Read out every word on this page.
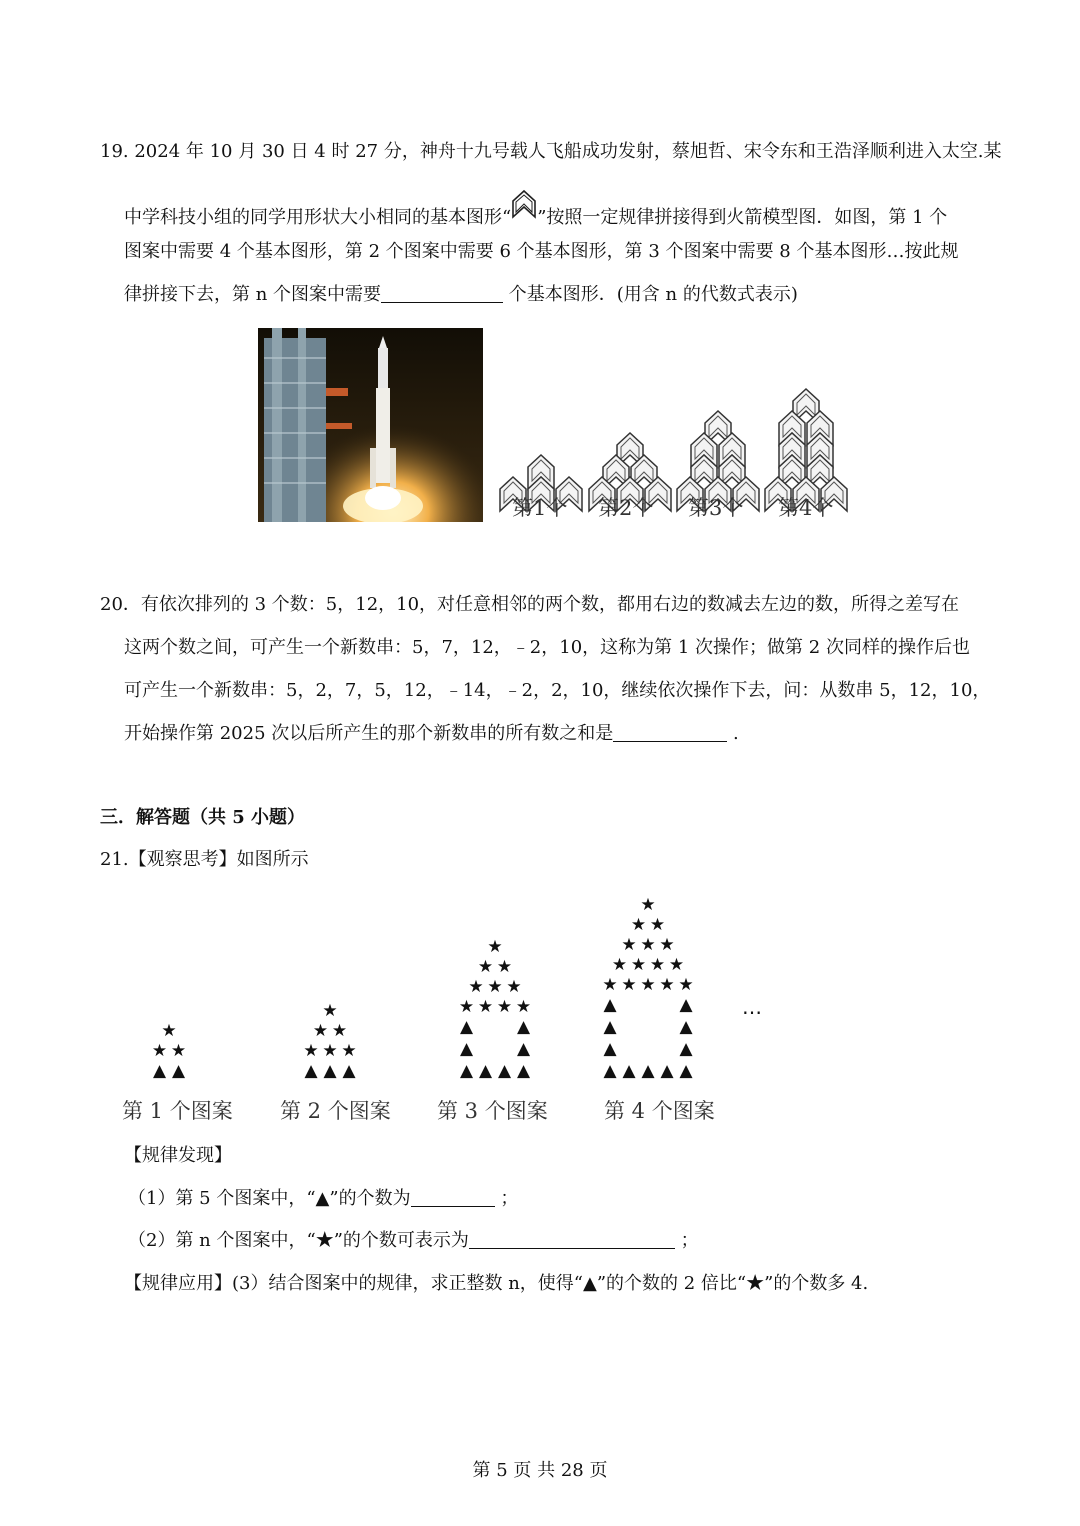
19. 2024 年 10 月 30 日 4 时 27 分，神舟十九号载人飞船成功发射，蔡旭哲、宋令东和王浩泽顺利进入太空.某
中学科技小组的同学用形状大小相同的基本图形“ ”按照一定规律拼接得到火箭模型图．如图，第 1 个
图案中需要 4 个基本图形，第 2 个图案中需要 6 个基本图形，第 3 个图案中需要 8 个基本图形…按此规
律拼接下去，第 n 个图案中需要	个基本图形．(用含 n 的代数式表示)
第1个 第2个 第3个 第4个
20．有依次排列的 3 个数：5，12，10，对任意相邻的两个数，都用右边的数减去左边的数，所得之差写在
这两个数之间，可产生一个新数串：5，7，12，﹣2，10，这称为第 1 次操作；做第 2 次同样的操作后也
可产生一个新数串：5，2，7，5，12，﹣14，﹣2，2，10，继续依次操作下去，问：从数串 5，12，10，
开始操作第 2025 次以后所产生的那个新数串的所有数之和是	.
三．解答题（共 5 小题）
21.【观察思考】如图所示
▲ ▲
★
★ ★
▲ ▲ ▲
★
★ ★
★ ★ ★
▲ ▲ ▲ ▲
▲	▲
▲	▲
★
★ ★
★ ★ ★
★ ★ ★ ★
▲ ▲ ▲ ▲ ▲
▲	▲
▲	▲
▲	▲
★
★ ★
★ ★ ★
★ ★ ★ ★
★ ★ ★ ★ ★
…
第 1 个图案 第 2 个图案 第 3 个图案	第 4 个图案
【规律发现】
（1）第 5 个图案中，“▲”的个数为	；
（2）第 n 个图案中，“★”的个数可表示为	；
【规律应用】(3）结合图案中的规律，求正整数 n，使得“▲”的个数的 2 倍比“★”的个数多 4.
第 5 页 共 28 页
